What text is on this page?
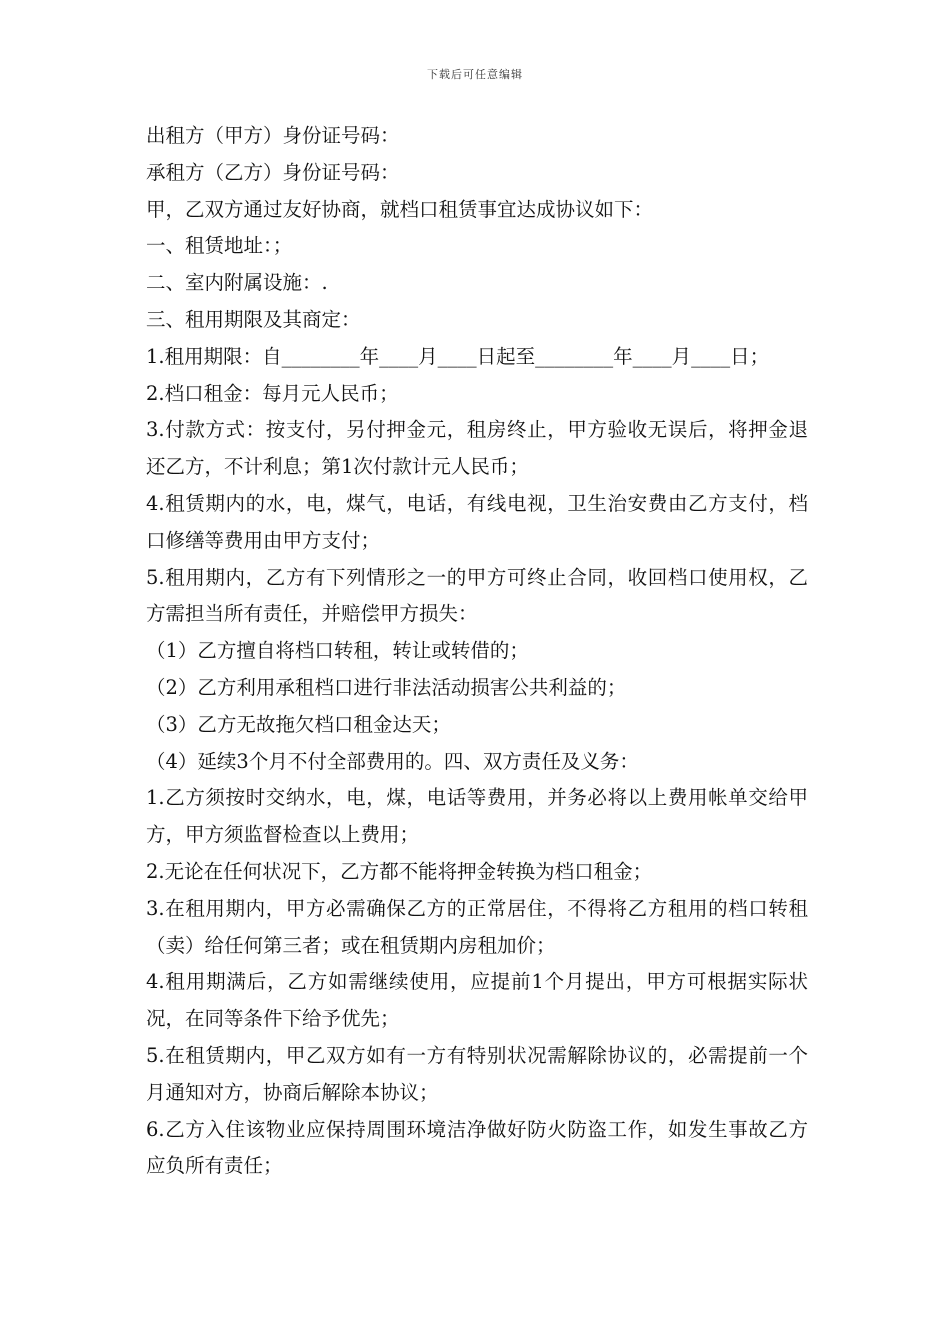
下载后可任意编辑

出租方（甲方）身份证号码：

承租方（乙方）身份证号码：

甲，乙双方通过友好协商，就档口租赁事宜达成协议如下：

一、租赁地址：；

二、室内附属设施：.

三、租用期限及其商定：

1.租用期限：自________年____月____日起至________年____月____日；

2.档口租金：每月元人民币；

3.付款方式：按支付，另付押金元，租房终止，甲方验收无误后，将押金退还乙方，不计利息；第1次付款计元人民币；

4.租赁期内的水，电，煤气，电话，有线电视，卫生治安费由乙方支付，档口修缮等费用由甲方支付；

5.租用期内，乙方有下列情形之一的甲方可终止合同，收回档口使用权，乙方需担当所有责任，并赔偿甲方损失：

（1）乙方擅自将档口转租，转让或转借的；

（2）乙方利用承租档口进行非法活动损害公共利益的；

（3）乙方无故拖欠档口租金达天；

（4）延续3个月不付全部费用的。四、双方责任及义务：

1.乙方须按时交纳水，电，煤，电话等费用，并务必将以上费用帐单交给甲方，甲方须监督检查以上费用；

2.无论在任何状况下，乙方都不能将押金转换为档口租金；

3.在租用期内，甲方必需确保乙方的正常居住，不得将乙方租用的档口转租（卖）给任何第三者；或在租赁期内房租加价；

4.租用期满后，乙方如需继续使用，应提前1个月提出，甲方可根据实际状况，在同等条件下给予优先；

5.在租赁期内，甲乙双方如有一方有特别状况需解除协议的，必需提前一个月通知对方，协商后解除本协议；

6.乙方入住该物业应保持周围环境洁净做好防火防盗工作，如发生事故乙方应负所有责任；
